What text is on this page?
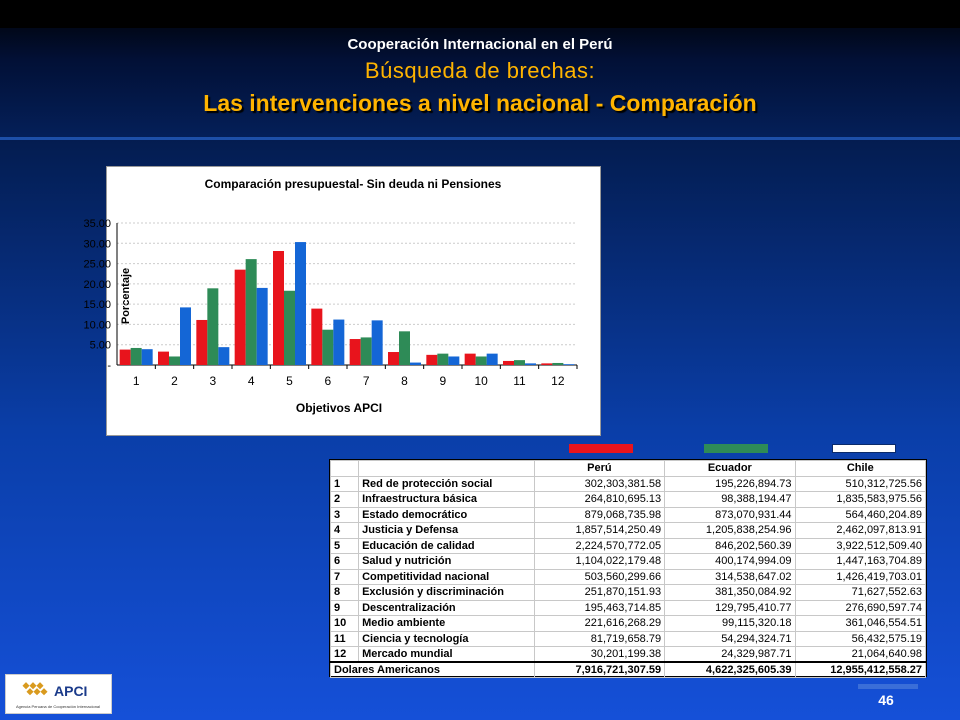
Cooperación Internacional en el Perú
Búsqueda de brechas:
Las intervenciones a nivel nacional - Comparación
Comparación presupuestal- Sin deuda ni Pensiones
Objetivos APCI
Porcentaje
-
5.00
10.00
15.00
20.00
25.00
30.00
35.00
1	2	3	4	5	6	7	8	9 10 11 12
		Perú	Ecuador	Chile
1	Red de protección social	302,303,381.58	195,226,894.73	510,312,725.56
2	Infraestructura básica	264,810,695.13	98,388,194.47	1,835,583,975.56
3	Estado democrático	879,068,735.98	873,070,931.44	564,460,204.89
4	Justicia y Defensa	1,857,514,250.49	1,205,838,254.96	2,462,097,813.91
5	Educación de calidad	2,224,570,772.05	846,202,560.39	3,922,512,509.40
6	Salud y nutrición	1,104,022,179.48	400,174,994.09	1,447,163,704.89
7	Competitividad nacional	503,560,299.66	314,538,647.02	1,426,419,703.01
8	Exclusión y discriminación	251,870,151.93	381,350,084.92	71,627,552.63
9	Descentralización	195,463,714.85	129,795,410.77	276,690,597.74
10	Medio ambiente	221,616,268.29	99,115,320.18	361,046,554.51
11	Ciencia y tecnología	81,719,658.79	54,294,324.71	56,432,575.19
12	Mercado mundial	30,201,199.38	24,329,987.71	21,064,640.98
Dolares Americanos		7,916,721,307.59	4,622,325,605.39	12,955,412,558.27
APCI
Agencia Peruana de Cooperación Internacional	46
